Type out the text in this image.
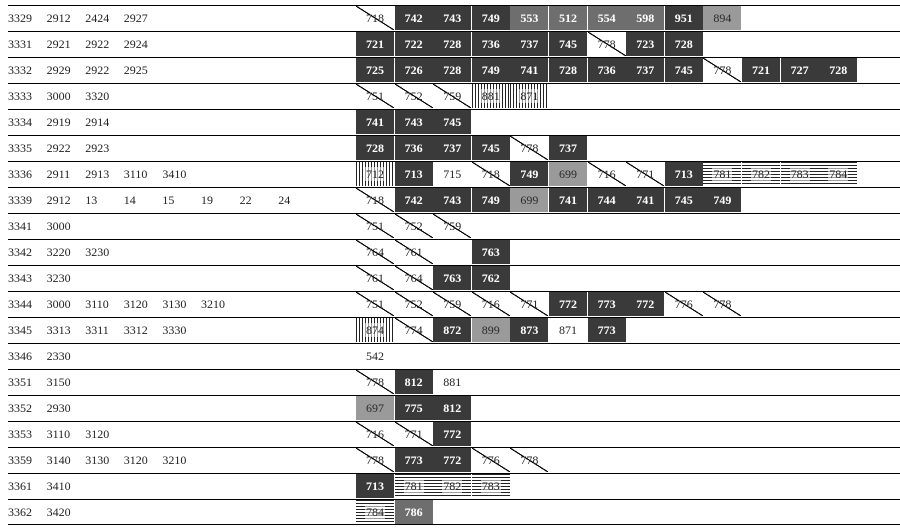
3329 2912 2424 2927	718	742	743	749	553	512	554	598	951	894
3331 2921 2922 2924	721	722	728	736	737	745	778	723	728
3332 2929 2922 2925	725	726	728	749	741	728	736	737	745	778	721	727	728
3333 3000 3320	751	752	759	881	871
3334 2919 2914	741	743	745
3335 2922 2923	728	736	737	745	778	737
3336 2911 2913 3110 3410	712	713	715	718	749	699	716	771	713	781	782	783	784
3339 2912 13 14 15 19 22 24	718	742	743	749	699	741	744	741	745	749
3341 3000	751	752	759
3342 3220 3230	764	761	763
3343 3230	761	764	763	762
3344 3000 3110 3120 3130 3210	751	752	759	716	771	772	773	772	776	778
3345 3313 3311 3312 3330	874	774	872	899	873	871	773
3346 2330	542
3351 3150	778	812	881
3352 2930	697	775	812
3353 3110 3120	716	771	772
3359 3140 3130 3120 3210	778	773	772	776	778
3361 3410	713	781	782	783
3362 3420	784	786
